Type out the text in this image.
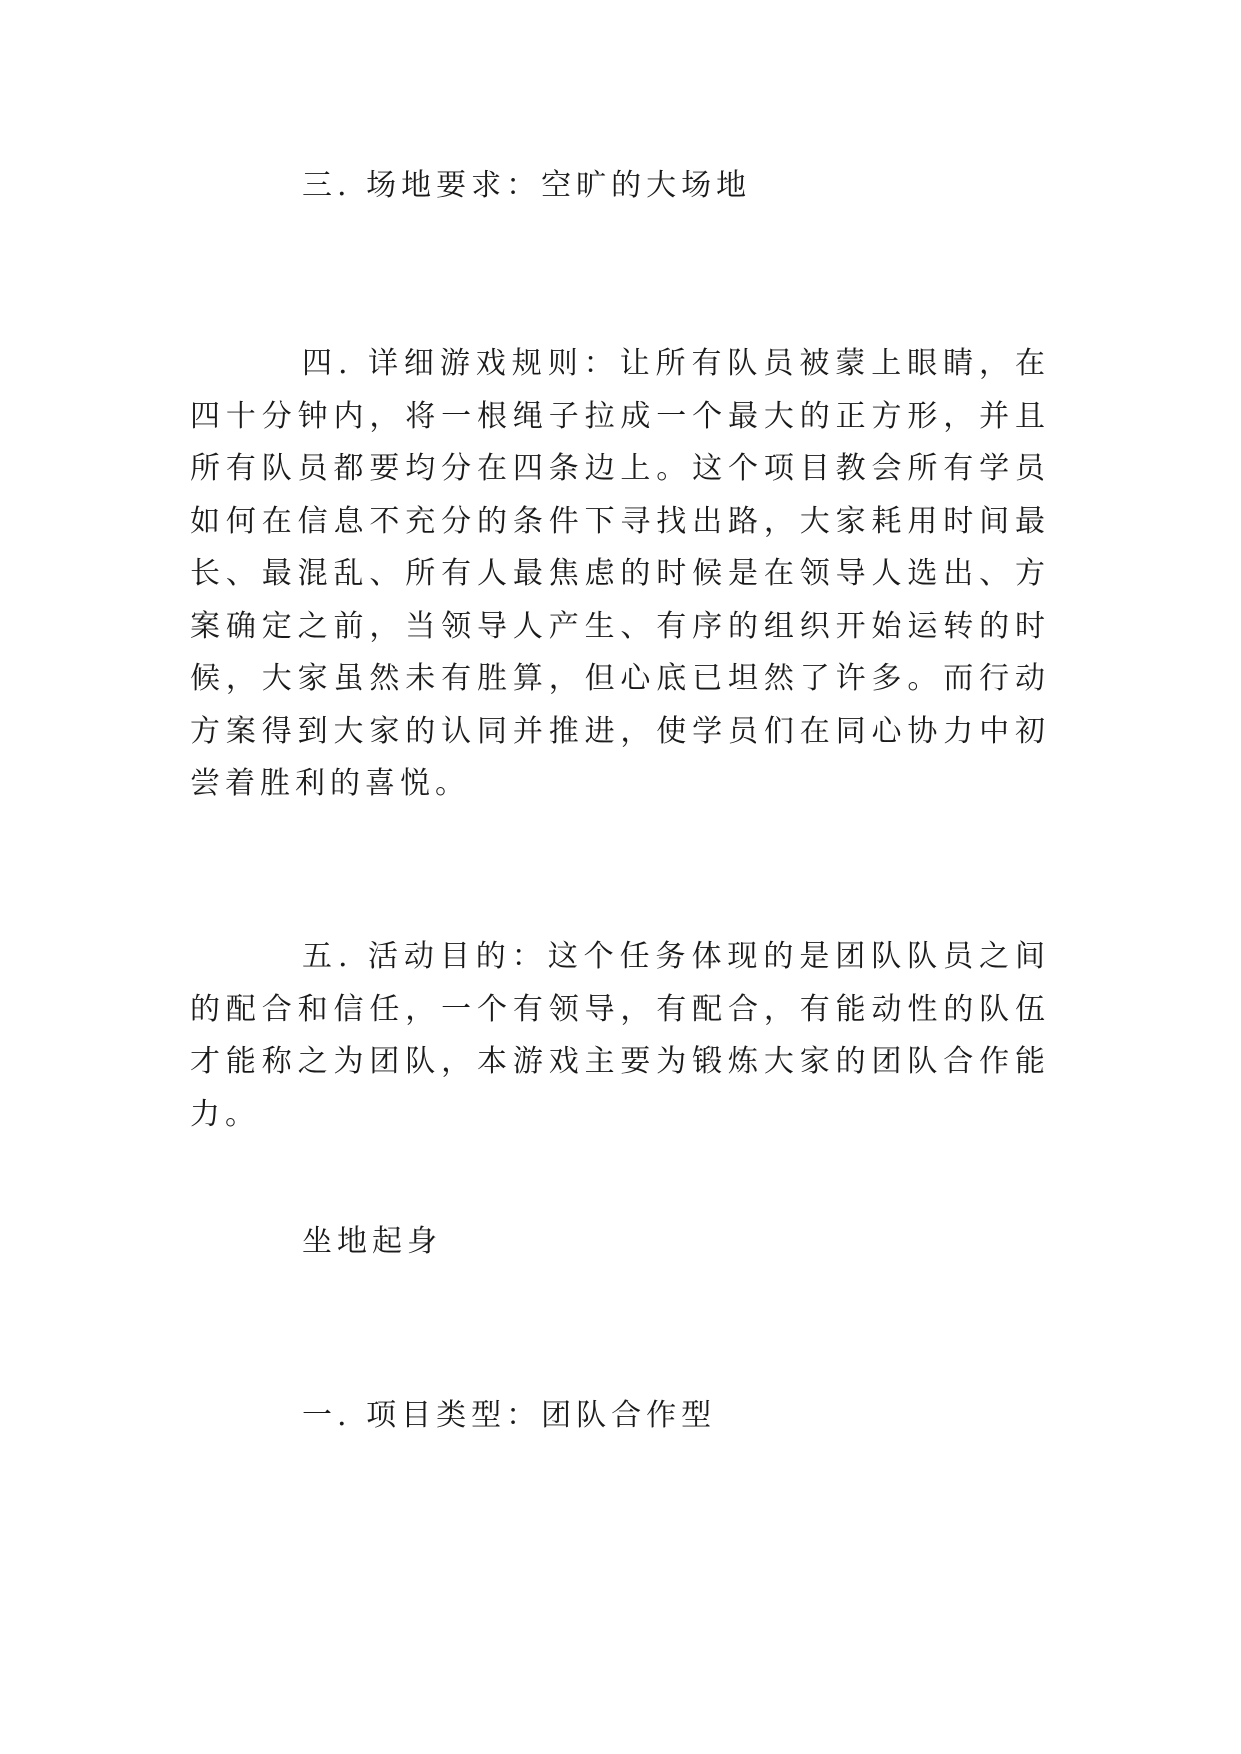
三. 场地要求：空旷的大场地

四. 详细游戏规则：让所有队员被蒙上眼睛，在四十分钟内，将一根绳子拉成一个最大的正方形，并且所有队员都要均分在四条边上。这个项目教会所有学员如何在信息不充分的条件下寻找出路，大家耗用时间最长、最混乱、所有人最焦虑的时候是在领导人选出、方案确定之前，当领导人产生、有序的组织开始运转的时候，大家虽然未有胜算，但心底已坦然了许多。而行动方案得到大家的认同并推进，使学员们在同心协力中初尝着胜利的喜悦。

五. 活动目的：这个任务体现的是团队队员之间的配合和信任，一个有领导，有配合，有能动性的队伍才能称之为团队，本游戏主要为锻炼大家的团队合作能力。

坐地起身

一. 项目类型：团队合作型
